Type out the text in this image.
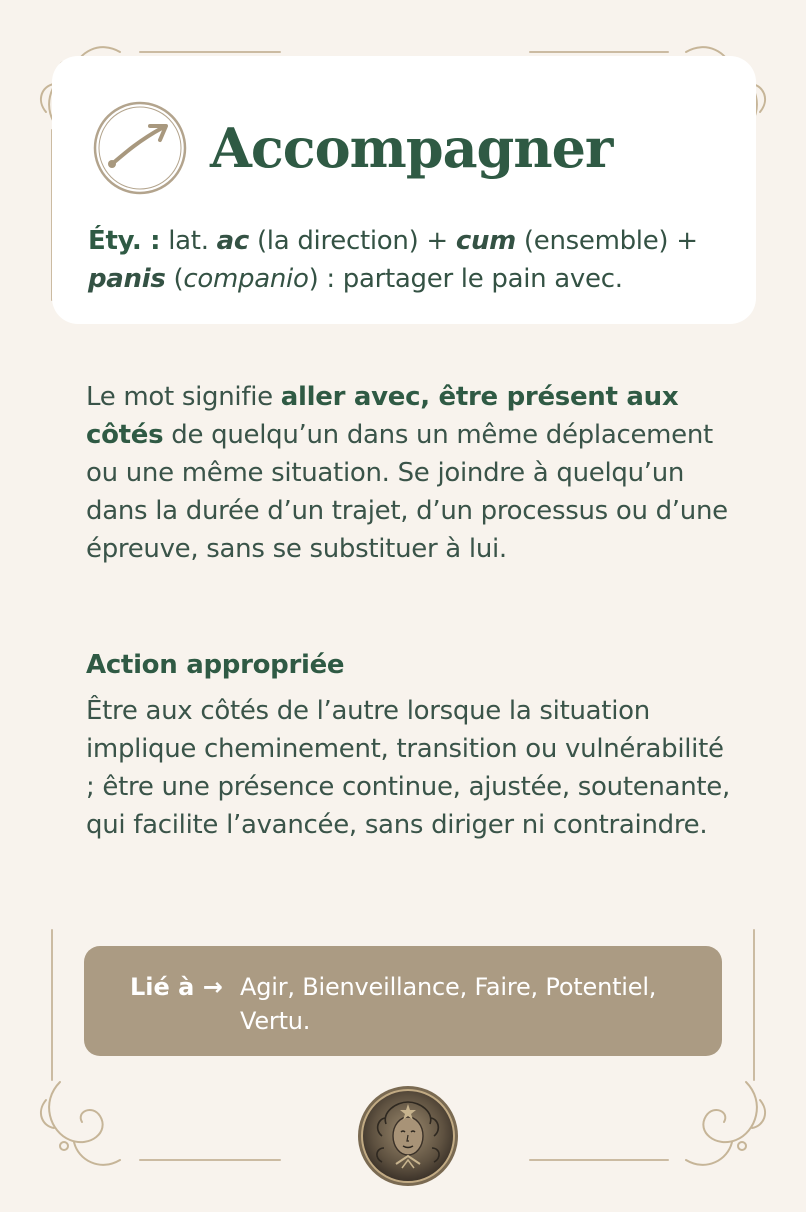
Accompagner
Éty. : lat. ac (la direction) + cum (ensemble) + panis (companio) : partager le pain avec.
Le mot signifie aller avec, être présent aux côtés de quelqu’un dans un même déplacement ou une même situation. Se joindre à quelqu’un dans la durée d’un trajet, d’un processus ou d’une épreuve, sans se substituer à lui.
Action appropriée
Être aux côtés de l’autre lorsque la situation implique cheminement, transition ou vulnérabilité ; être une présence continue, ajustée, soutenante, qui facilite l’avancée, sans diriger ni contraindre.
Lié à → Agir, Bienveillance, Faire, Potentiel, Vertu.
